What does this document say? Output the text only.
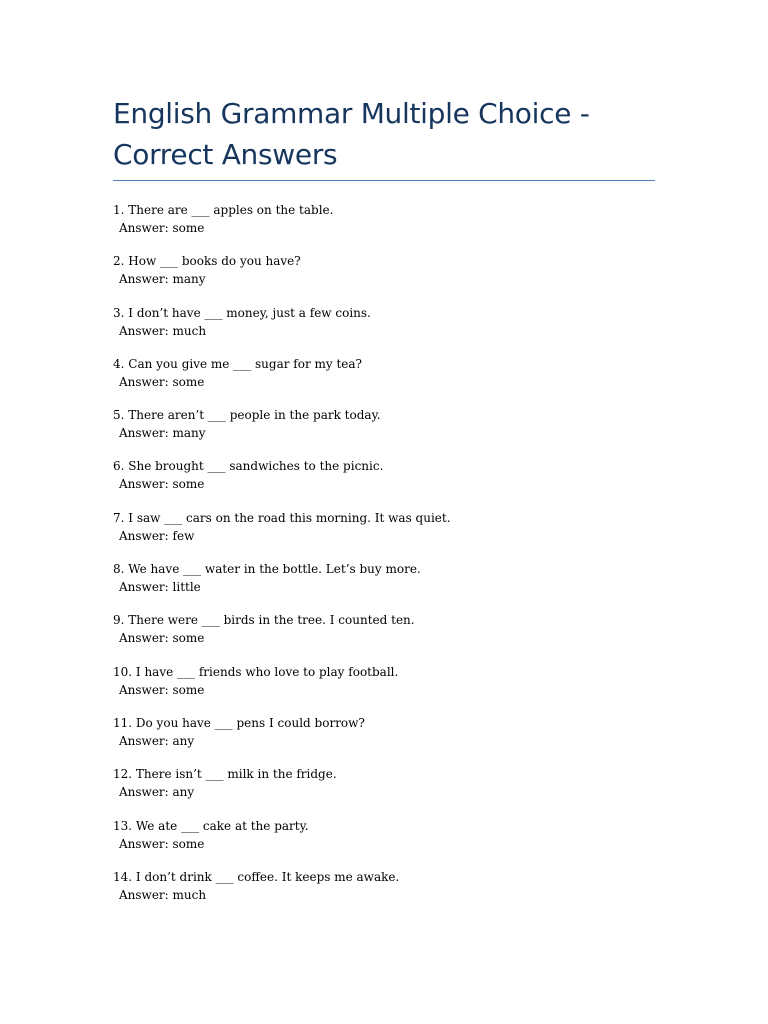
English Grammar Multiple Choice -
Correct Answers
1. There are ___ apples on the table.
Answer: some
2. How ___ books do you have?
Answer: many
3. I don’t have ___ money, just a few coins.
Answer: much
4. Can you give me ___ sugar for my tea?
Answer: some
5. There aren’t ___ people in the park today.
Answer: many
6. She brought ___ sandwiches to the picnic.
Answer: some
7. I saw ___ cars on the road this morning. It was quiet.
Answer: few
8. We have ___ water in the bottle. Let’s buy more.
Answer: little
9. There were ___ birds in the tree. I counted ten.
Answer: some
10. I have ___ friends who love to play football.
Answer: some
11. Do you have ___ pens I could borrow?
Answer: any
12. There isn’t ___ milk in the fridge.
Answer: any
13. We ate ___ cake at the party.
Answer: some
14. I don’t drink ___ coffee. It keeps me awake.
Answer: much
